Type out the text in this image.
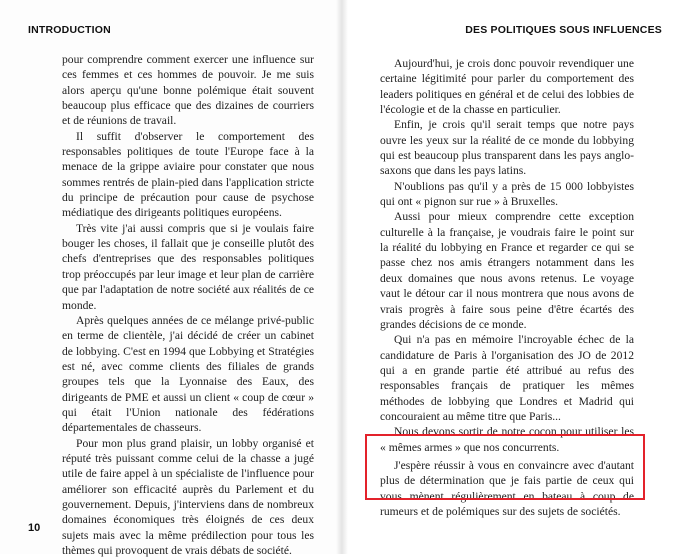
INTRODUCTION

pour comprendre comment exercer une influence sur ces femmes et ces hommes de pouvoir. Je me suis alors aperçu qu'une bonne polémique était souvent beaucoup plus efficace que des dizaines de courriers et de réunions de travail.

Il suffit d'observer le comportement des responsables politiques de toute l'Europe face à la menace de la grippe aviaire pour constater que nous sommes rentrés de plain-pied dans l'application stricte du principe de précaution pour cause de psychose médiatique des dirigeants politiques européens.

Très vite j'ai aussi compris que si je voulais faire bouger les choses, il fallait que je conseille plutôt des chefs d'entreprises que des responsables politiques trop préoccupés par leur image et leur plan de carrière que par l'adaptation de notre société aux réalités de ce monde.

Après quelques années de ce mélange privé-public en terme de clientèle, j'ai décidé de créer un cabinet de lobbying. C'est en 1994 que Lobbying et Stratégies est né, avec comme clients des filiales de grands groupes tels que la Lyonnaise des Eaux, des dirigeants de PME et aussi un client « coup de cœur » qui était l'Union nationale des fédérations départementales de chasseurs.

Pour mon plus grand plaisir, un lobby organisé et réputé très puissant comme celui de la chasse a jugé utile de faire appel à un spécialiste de l'influence pour améliorer son efficacité auprès du Parlement et du gouvernement. Depuis, j'interviens dans de nombreux domaines économiques très éloignés de ces deux sujets mais avec la même prédilection pour tous les thèmes qui provoquent de vrais débats de société.

10
DES POLITIQUES SOUS INFLUENCES

Aujourd'hui, je crois donc pouvoir revendiquer une certaine légitimité pour parler du comportement des leaders politiques en général et de celui des lobbies de l'écologie et de la chasse en particulier.

Enfin, je crois qu'il serait temps que notre pays ouvre les yeux sur la réalité de ce monde du lobbying qui est beaucoup plus transparent dans les pays anglo-saxons que dans les pays latins.

N'oublions pas qu'il y a près de 15 000 lobbyistes qui ont « pignon sur rue » à Bruxelles.

Aussi pour mieux comprendre cette exception culturelle à la française, je voudrais faire le point sur la réalité du lobbying en France et regarder ce qui se passe chez nos amis étrangers notamment dans les deux domaines que nous avons retenus. Le voyage vaut le détour car il nous montrera que nous avons de vrais progrès à faire sous peine d'être écartés des grandes décisions de ce monde.

Qui n'a pas en mémoire l'incroyable échec de la candidature de Paris à l'organisation des JO de 2012 qui a en grande partie été attribué au refus des responsables français de pratiquer les mêmes méthodes de lobbying que Londres et Madrid qui concouraient au même titre que Paris...

Nous devons sortir de notre cocon pour utiliser les « mêmes armes » que nos concurrents.

J'espère réussir à vous en convaincre avec d'autant plus de détermination que je fais partie de ceux qui vous mènent régulièrement en bateau à coup de rumeurs et de polémiques sur des sujets de sociétés.
